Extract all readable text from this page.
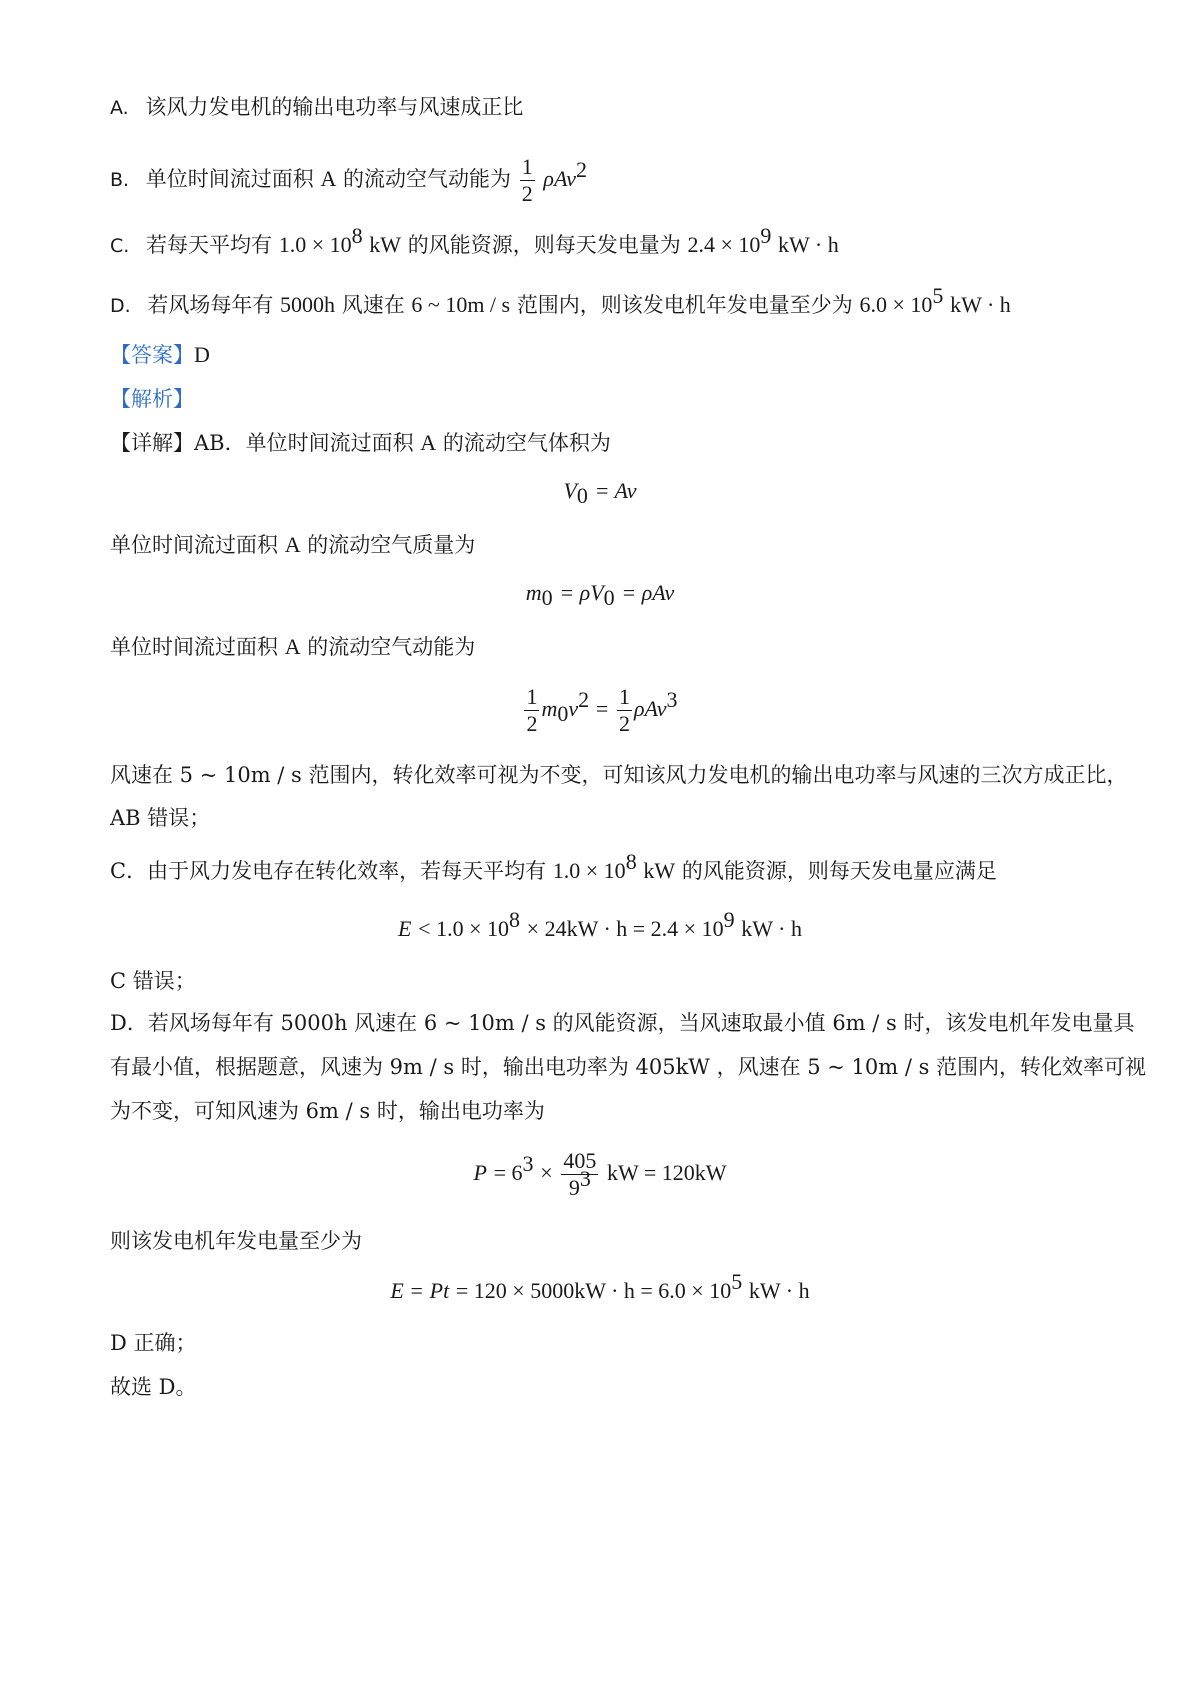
A. 该风力发电机的输出电功率与风速成正比
B. 单位时间流过面积 A 的流动空气动能为 $\frac{1}{2} \rho Av^2$
C. 若每天平均有 $1.0 \times 10^8$ kW 的风能资源，则每天发电量为 $2.4 \times 10^9$ kW · h
D. 若风场每年有 5000h 风速在 6 ~ 10m / s 范围内，则该发电机年发电量至少为 $6.0 \times 10^5$ kW · h
【答案】D
【解析】
【详解】AB．单位时间流过面积 A 的流动空气体积为
$V_0 = Av$
单位时间流过面积 A 的流动空气质量为
$m_0 = \rho V_0 = \rho Av$
单位时间流过面积 A 的流动空气动能为
$\frac{1}{2} m_0v^2 = \frac{1}{2} \rho Av^3$
风速在 5 ~ 10m / s 范围内，转化效率可视为不变，可知该风力发电机的输出电功率与风速的三次方成正比，
AB 错误；
C．由于风力发电存在转化效率，若每天平均有 $1.0 \times 10^8$ kW 的风能资源，则每天发电量应满足
$E < 1.0 \times 10^8 \times 24kW \cdot h = 2.4 \times 10^9$ kW · h
C 错误；
D．若风场每年有 5000h 风速在 6 ~ 10m / s 的风能资源，当风速取最小值 6m / s 时，该发电机年发电量具
有最小值，根据题意，风速为 9m / s 时，输出电功率为 405kW ，风速在 5 ~ 10m / s 范围内，转化效率可视
为不变，可知风速为 6m / s 时，输出电功率为
$P = 6^3 \times \frac{405}{9^3}$ kW = 120kW
则该发电机年发电量至少为
$E = Pt = 120 \times 5000kW \cdot h = 6.0 \times 10^5$ kW · h
D 正确；
故选 D。
